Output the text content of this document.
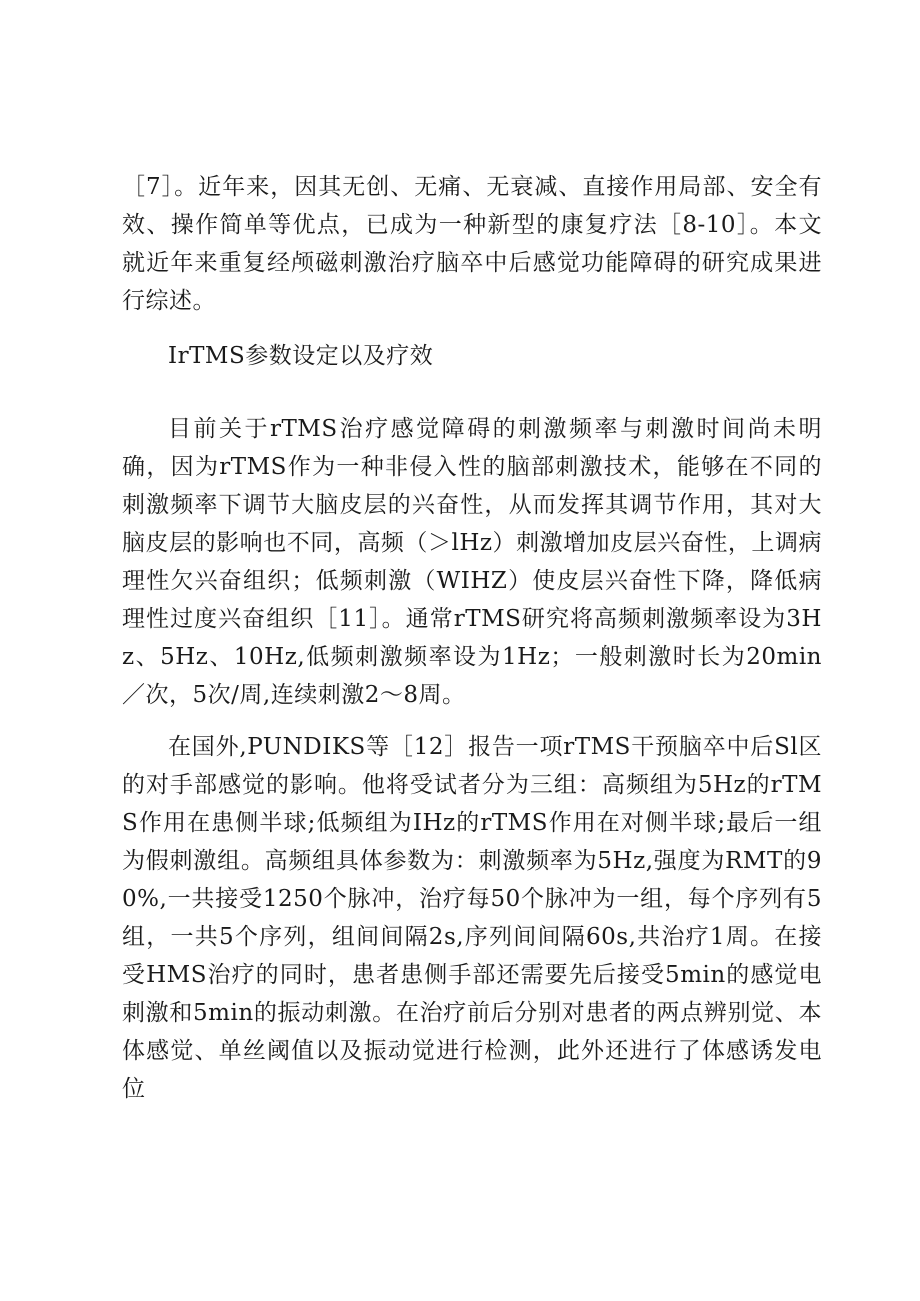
［7］。近年来，因其无创、无痛、无衰减、直接作用局部、安全有效、操作简单等优点，已成为一种新型的康复疗法［8-10］。本文就近年来重复经颅磁刺激治疗脑卒中后感觉功能障碍的研究成果进行综述。

IrTMS参数设定以及疗效

目前关于rTMS治疗感觉障碍的刺激频率与刺激时间尚未明确，因为rTMS作为一种非侵入性的脑部刺激技术，能够在不同的刺激频率下调节大脑皮层的兴奋性，从而发挥其调节作用，其对大脑皮层的影响也不同，高频（＞lHz）刺激增加皮层兴奋性，上调病理性欠兴奋组织；低频刺激（WIHZ）使皮层兴奋性下降，降低病理性过度兴奋组织［11］。通常rTMS研究将高频刺激频率设为3Hz、5Hz、10Hz,低频刺激频率设为1Hz；一般刺激时长为20min／次，5次/周,连续刺激2～8周。

在国外,PUNDIKS等［12］报告一项rTMS干预脑卒中后Sl区的对手部感觉的影响。他将受试者分为三组：高频组为5Hz的rTMS作用在患侧半球;低频组为IHz的rTMS作用在对侧半球;最后一组为假刺激组。高频组具体参数为：刺激频率为5Hz,强度为RMT的90%,一共接受1250个脉冲，治疗每50个脉冲为一组，每个序列有5组，一共5个序列，组间间隔2s,序列间间隔60s,共治疗1周。在接受HMS治疗的同时，患者患侧手部还需要先后接受5min的感觉电刺激和5min的振动刺激。在治疗前后分别对患者的两点辨别觉、本体感觉、单丝阈值以及振动觉进行检测，此外还进行了体感诱发电位
